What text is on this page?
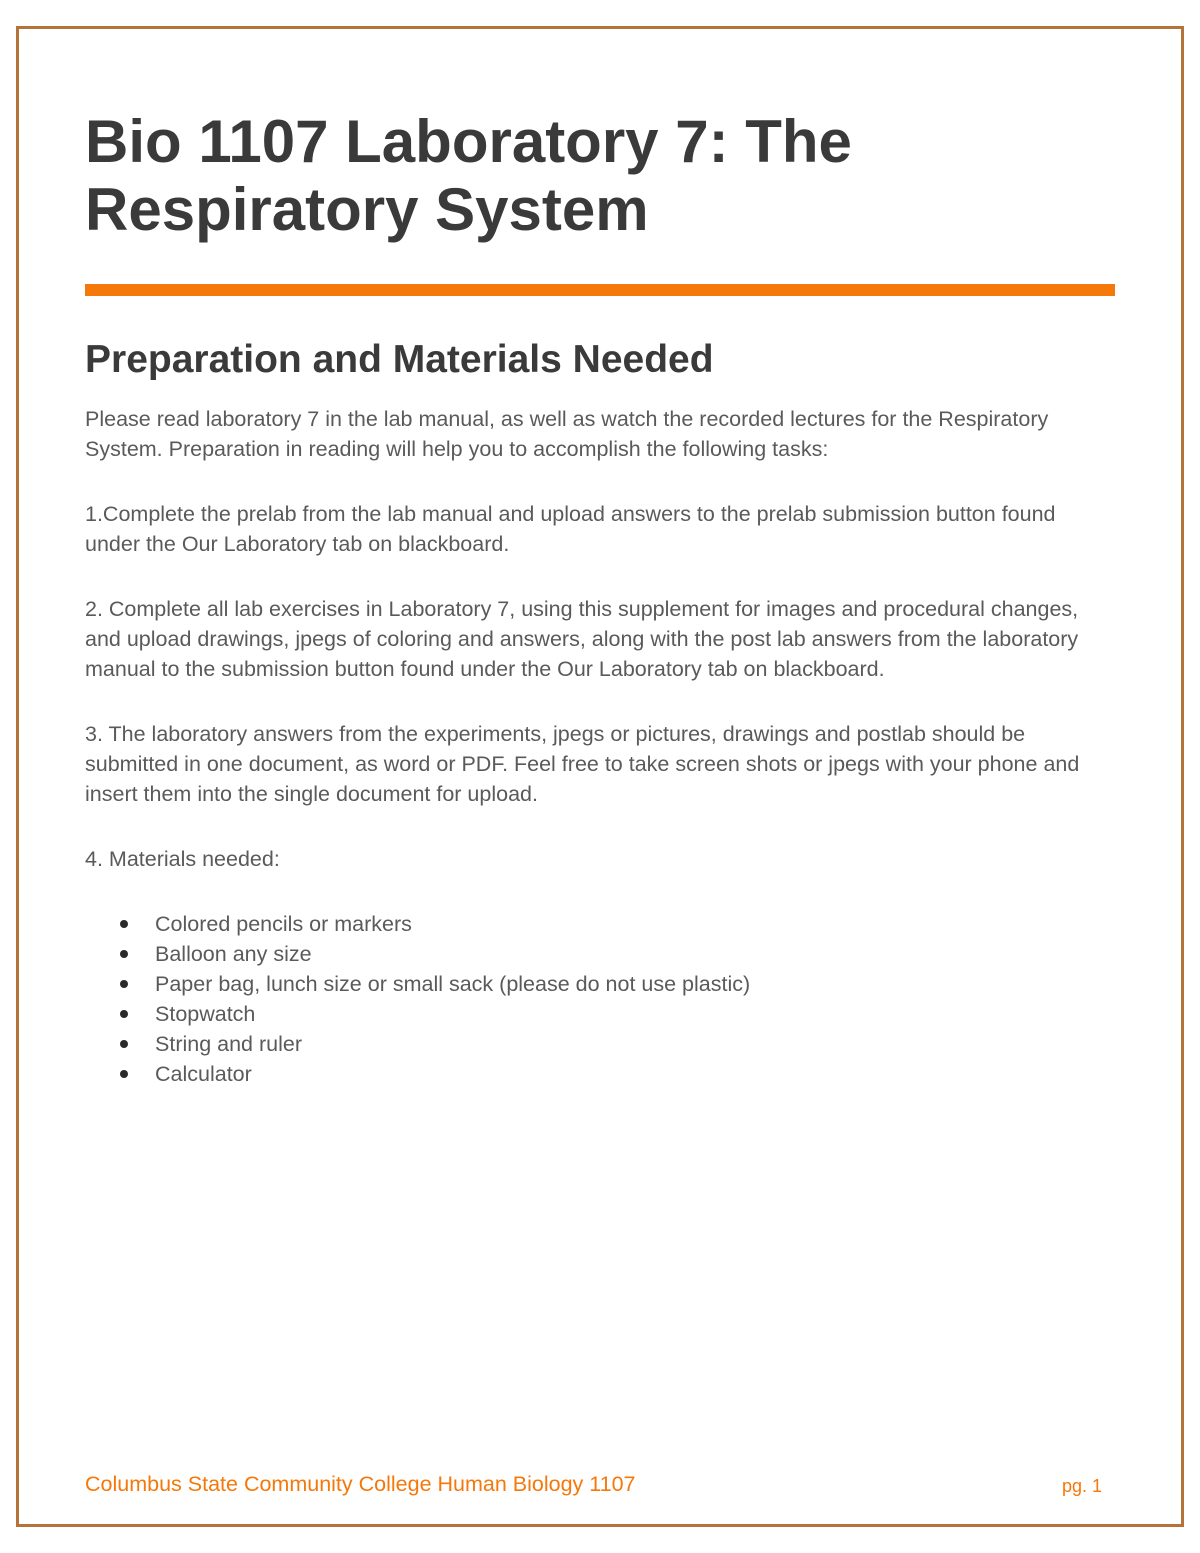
Bio 1107 Laboratory 7: The Respiratory System
Preparation and Materials Needed

Please read laboratory 7 in the lab manual, as well as watch the recorded lectures for the Respiratory System. Preparation in reading will help you to accomplish the following tasks:

1.Complete the prelab from the lab manual and upload answers to the prelab submission button found under the Our Laboratory tab on blackboard.

2. Complete all lab exercises in Laboratory 7, using this supplement for images and procedural changes, and upload drawings, jpegs of coloring and answers, along with the post lab answers from the laboratory manual to the submission button found under the Our Laboratory tab on blackboard.

3. The laboratory answers from the experiments, jpegs or pictures, drawings and postlab should be submitted in one document, as word or PDF. Feel free to take screen shots or jpegs with your phone and insert them into the single document for upload.

4. Materials needed:

Colored pencils or markers
Balloon any size
Paper bag, lunch size or small sack (please do not use plastic)
Stopwatch
String and ruler
Calculator
Columbus State Community College Human Biology 1107	pg. 1
